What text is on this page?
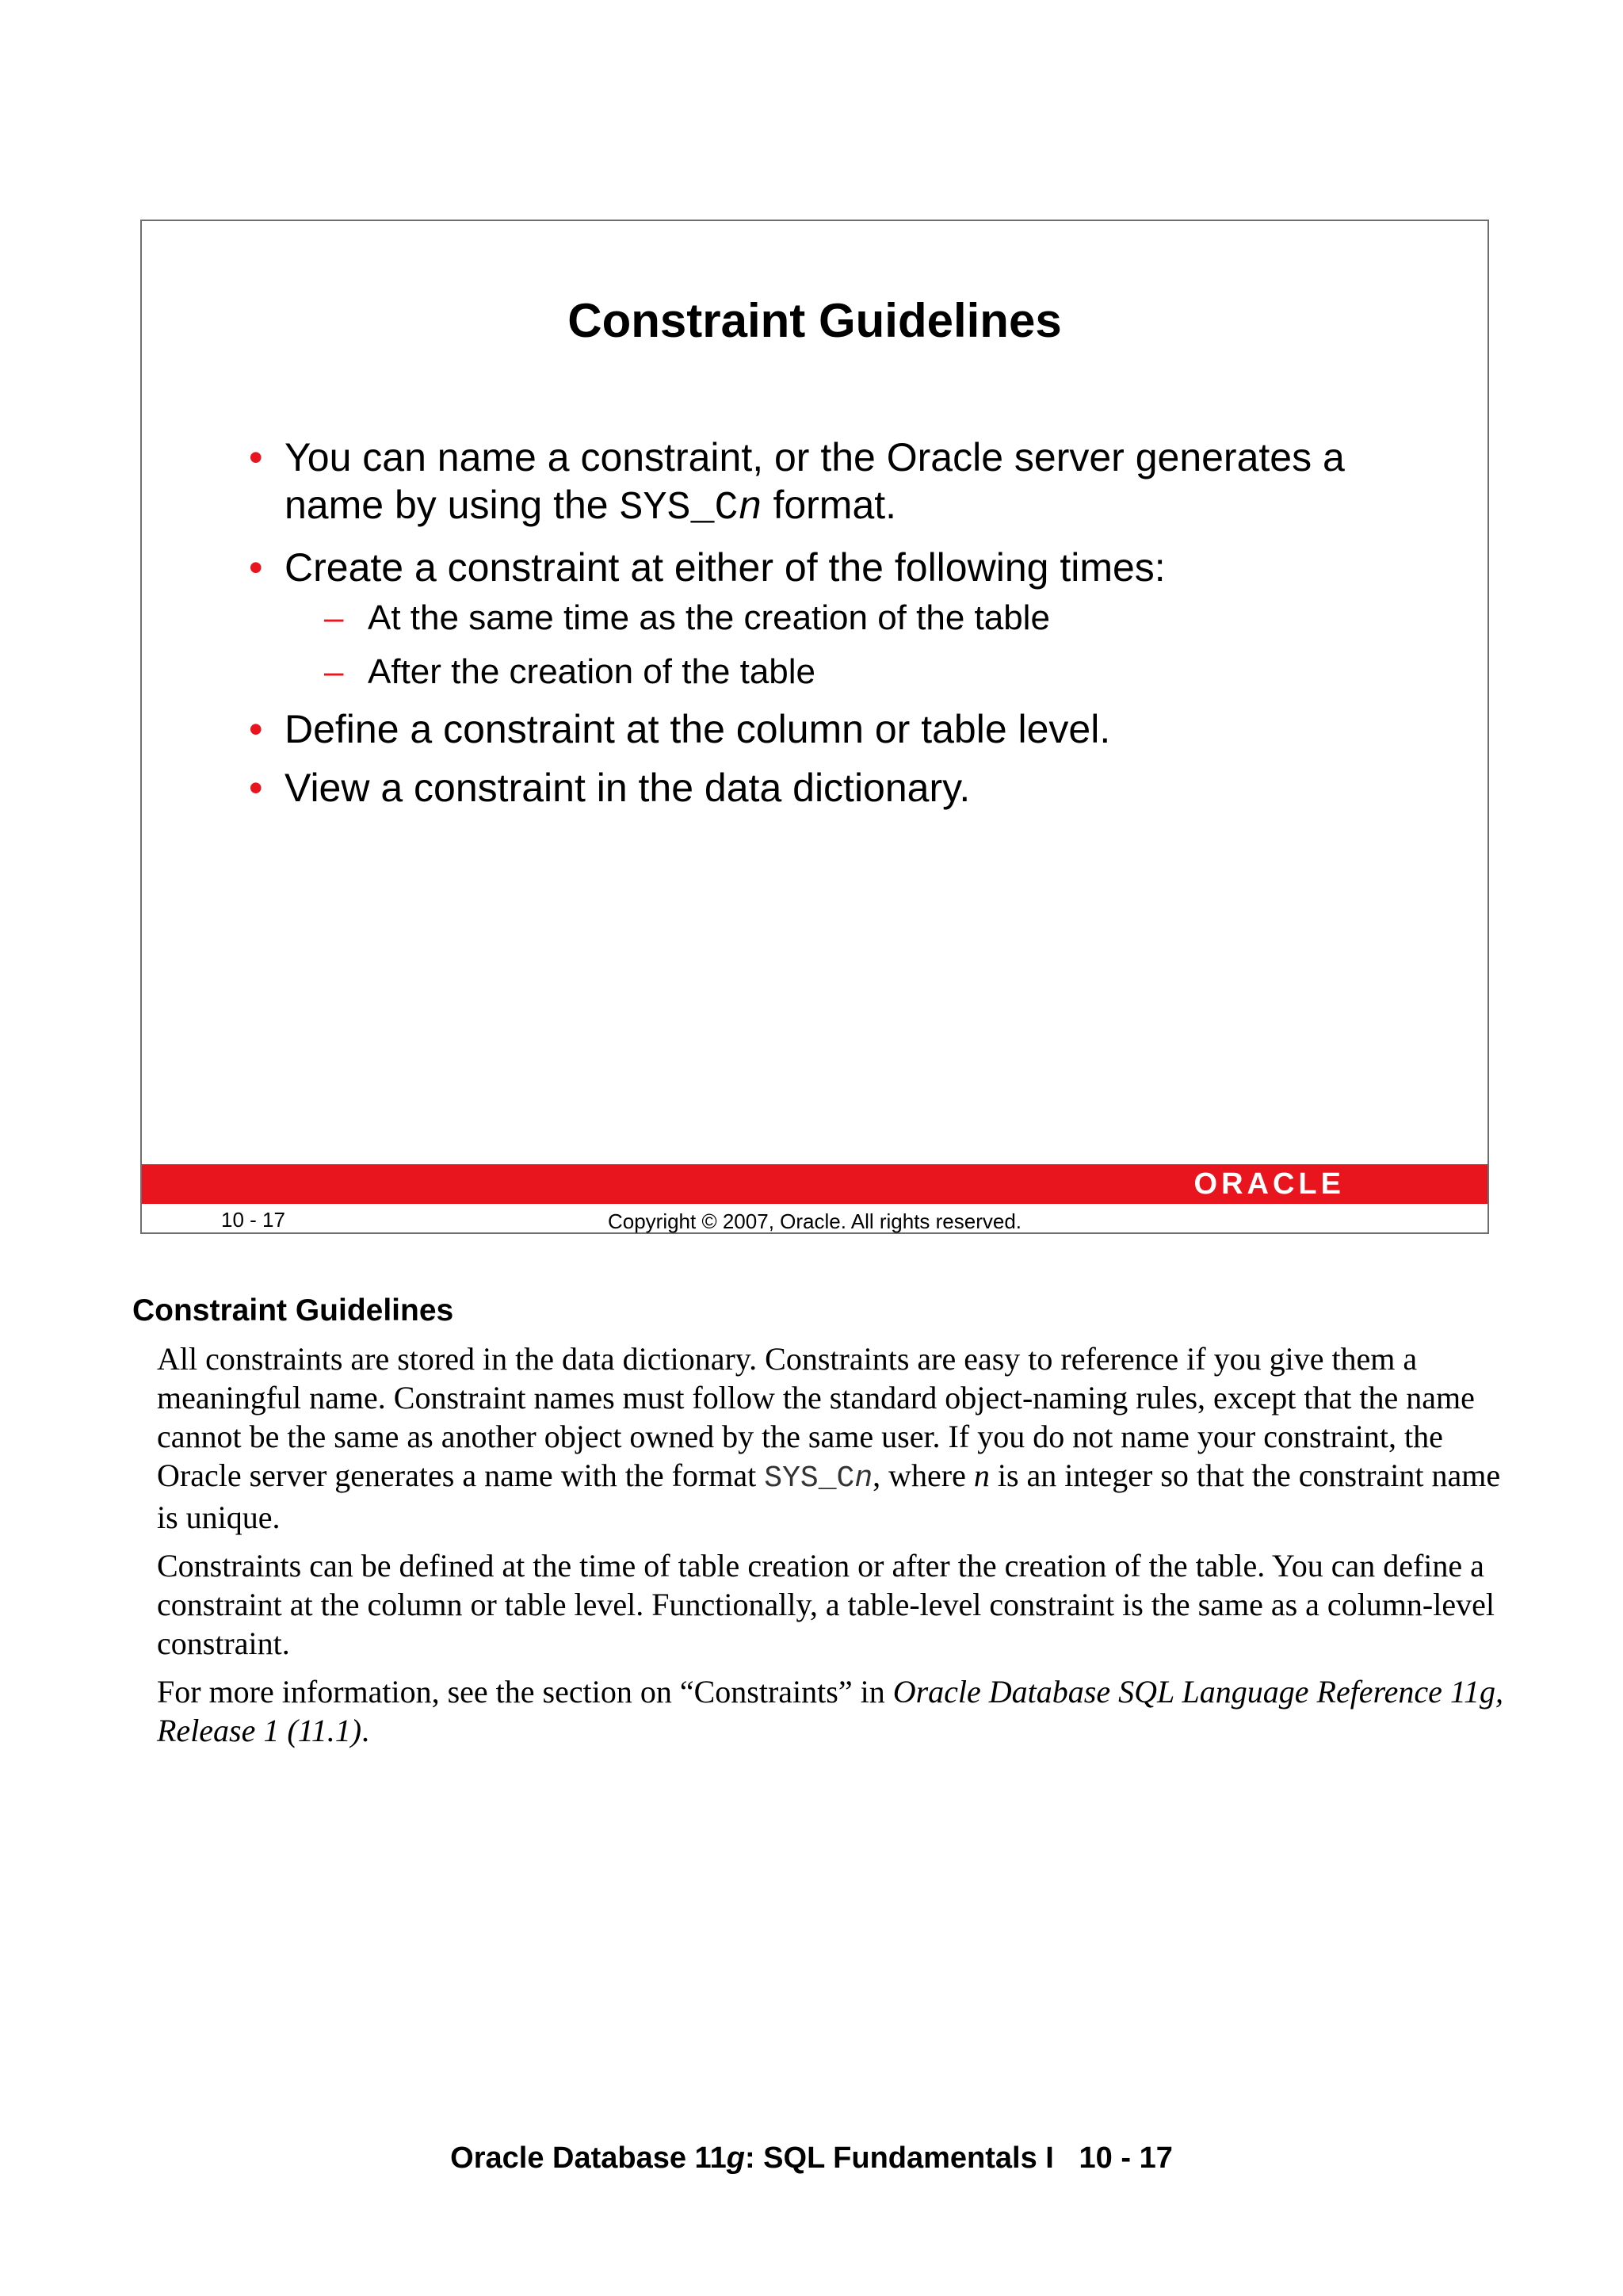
Constraint Guidelines
• You can name a constraint, or the Oracle server generates a name by using the SYS_Cn format.
• Create a constraint at either of the following times:
– At the same time as the creation of the table
– After the creation of the table
• Define a constraint at the column or table level.
• View a constraint in the data dictionary.
ORACLE
10 - 17	Copyright © 2007, Oracle. All rights reserved.
Constraint Guidelines

All constraints are stored in the data dictionary. Constraints are easy to reference if you give them a meaningful name. Constraint names must follow the standard object-naming rules, except that the name cannot be the same as another object owned by the same user. If you do not name your constraint, the Oracle server generates a name with the format SYS_Cn, where n is an integer so that the constraint name is unique.

Constraints can be defined at the time of table creation or after the creation of the table. You can define a constraint at the column or table level. Functionally, a table-level constraint is the same as a column-level constraint.

For more information, see the section on “Constraints” in Oracle Database SQL Language Reference 11g, Release 1 (11.1).

Oracle Database 11g: SQL Fundamentals I   10 - 17
